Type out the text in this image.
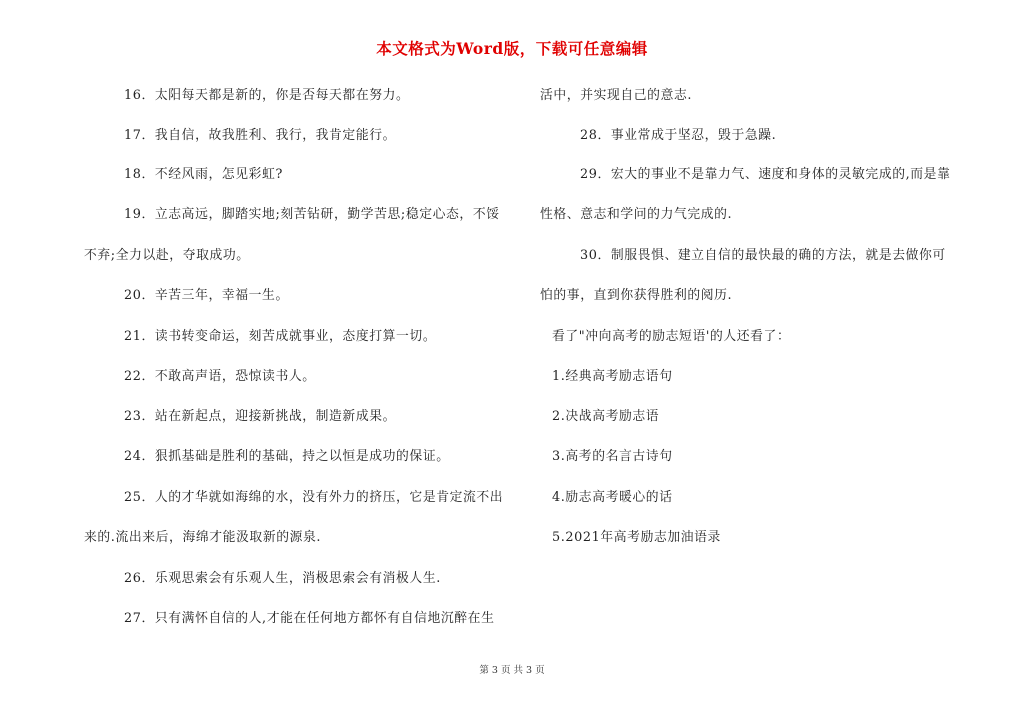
本文格式为Word版，下载可任意编辑
16．太阳每天都是新的，你是否每天都在努力。
17．我自信，故我胜利、我行，我肯定能行。
18．不经风雨，怎见彩虹?
19．立志高远，脚踏实地;刻苦钻研，勤学苦思;稳定心态，不馁
不弃;全力以赴，夺取成功。
20．辛苦三年，幸福一生。
21．读书转变命运，刻苦成就事业，态度打算一切。
22．不敢高声语，恐惊读书人。
23．站在新起点，迎接新挑战，制造新成果。
24．狠抓基础是胜利的基础，持之以恒是成功的保证。
25．人的才华就如海绵的水，没有外力的挤压，它是肯定流不出
来的.流出来后，海绵才能汲取新的源泉.
26．乐观思索会有乐观人生，消极思索会有消极人生.
27．只有满怀自信的人,才能在任何地方都怀有自信地沉醉在生
活中，并实现自己的意志.
28．事业常成于坚忍，毁于急躁.
29．宏大的事业不是靠力气、速度和身体的灵敏完成的,而是靠
性格、意志和学问的力气完成的.
30．制服畏惧、建立自信的最快最的确的方法，就是去做你可
怕的事，直到你获得胜利的阅历.
看了"冲向高考的励志短语'的人还看了：
1.经典高考励志语句
2.决战高考励志语
3.高考的名言古诗句
4.励志高考暖心的话
5.2021年高考励志加油语录
第 3 页 共 3 页
